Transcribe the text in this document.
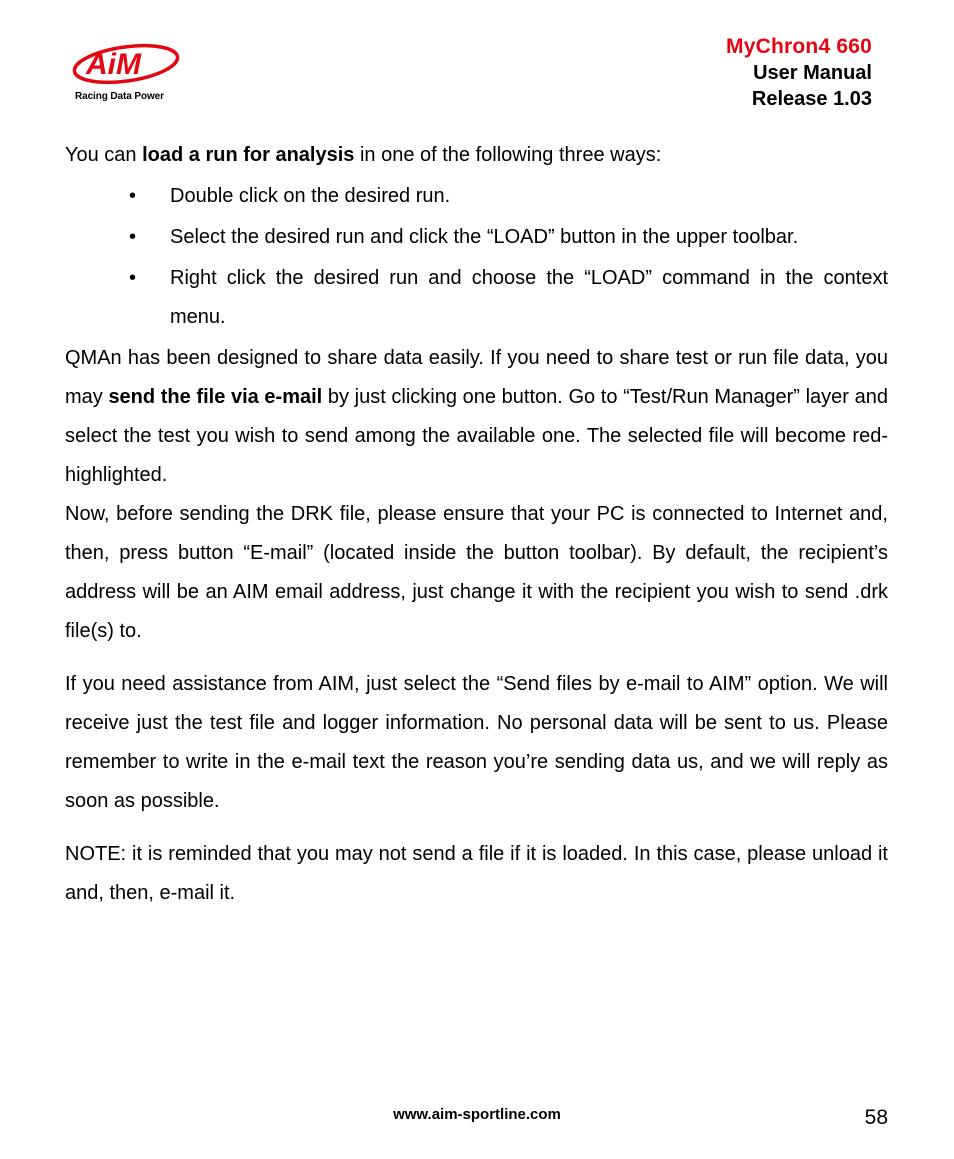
AiM
Racing Data Power
MyChron4 660
User Manual
Release 1.03

You can load a run for analysis in one of the following three ways:

• Double click on the desired run.
• Select the desired run and click the “LOAD” button in the upper toolbar.
• Right click the desired run and choose the “LOAD” command in the context menu.

QMAn has been designed to share data easily. If you need to share test or run file data, you may send the file via e-mail by just clicking one button. Go to “Test/Run Manager” layer and select the test you wish to send among the available one. The selected file will become red-highlighted.

Now, before sending the DRK file, please ensure that your PC is connected to Internet and, then, press button “E-mail” (located inside the button toolbar). By default, the recipient’s address will be an AIM email address, just change it with the recipient you wish to send .drk file(s) to.

If you need assistance from AIM, just select the “Send files by e-mail to AIM” option. We will receive just the test file and logger information. No personal data will be sent to us. Please remember to write in the e-mail text the reason you’re sending data us, and we will reply as soon as possible.

NOTE: it is reminded that you may not send a file if it is loaded. In this case, please unload it and, then, e-mail it.

www.aim-sportline.com	58
